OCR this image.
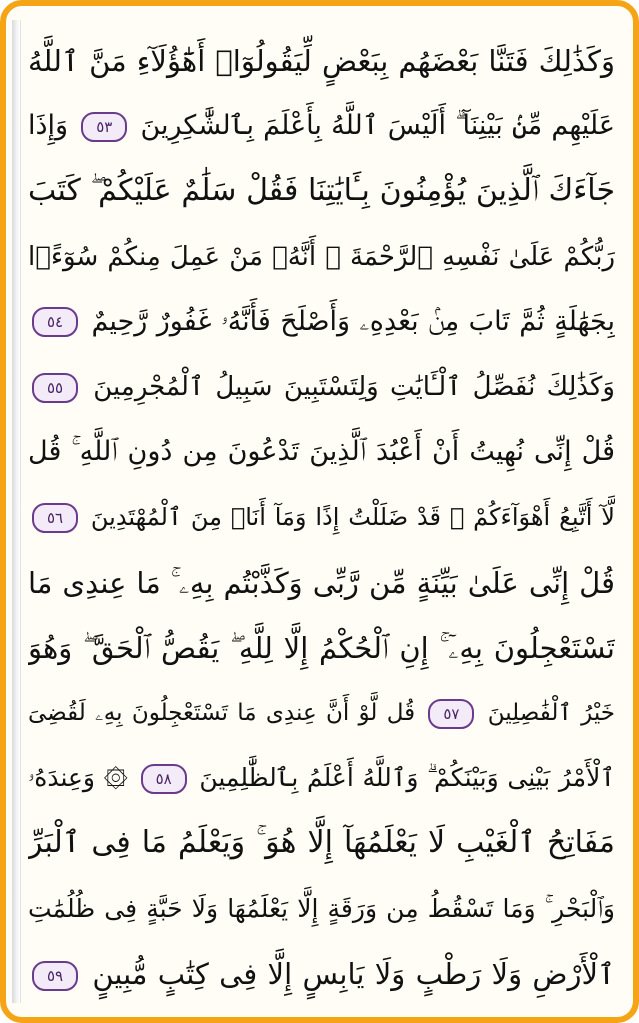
وَكَذَٰلِكَ فَتَنَّا بَعْضَهُم بِبَعْضٍ لِّيَقُولُوٓا۟ أَهَٰٓؤُلَآءِ مَنَّ ٱللَّهُ
عَلَيْهِم مِّنۢ بَيْنِنَآ ۗ أَلَيْسَ ٱللَّهُ بِأَعْلَمَ بِٱلشَّٰكِرِينَ ٥٣ وَإِذَا
جَآءَكَ ٱلَّذِينَ يُؤْمِنُونَ بِـَٔايَٰتِنَا فَقُلْ سَلَٰمٌ عَلَيْكُمْ ۖ كَتَبَ
رَبُّكُمْ عَلَىٰ نَفْسِهِ ٱلرَّحْمَةَ ۖ أَنَّهُۥ مَنْ عَمِلَ مِنكُمْ سُوٓءًۢا
بِجَهَٰلَةٍ ثُمَّ تَابَ مِنۢ بَعْدِهِۦ وَأَصْلَحَ فَأَنَّهُۥ غَفُورٌ رَّحِيمٌ ٥٤
وَكَذَٰلِكَ نُفَصِّلُ ٱلْـَٔايَٰتِ وَلِتَسْتَبِينَ سَبِيلُ ٱلْمُجْرِمِينَ ٥٥
قُلْ إِنِّى نُهِيتُ أَنْ أَعْبُدَ ٱلَّذِينَ تَدْعُونَ مِن دُونِ ٱللَّهِ ۚ قُل
لَّآ أَتَّبِعُ أَهْوَآءَكُمْ ۙ قَدْ ضَلَلْتُ إِذًا وَمَآ أَنَا۠ مِنَ ٱلْمُهْتَدِينَ ٥٦
قُلْ إِنِّى عَلَىٰ بَيِّنَةٍ مِّن رَّبِّى وَكَذَّبْتُم بِهِۦ ۚ مَا عِندِى مَا
تَسْتَعْجِلُونَ بِهِۦٓ ۚ إِنِ ٱلْحُكْمُ إِلَّا لِلَّهِ ۖ يَقُصُّ ٱلْحَقَّ ۖ وَهُوَ
خَيْرُ ٱلْفَٰصِلِينَ ٥٧ قُل لَّوْ أَنَّ عِندِى مَا تَسْتَعْجِلُونَ بِهِۦ لَقُضِىَ
ٱلْأَمْرُ بَيْنِى وَبَيْنَكُمْ ۗ وَٱللَّهُ أَعْلَمُ بِٱلظَّٰلِمِينَ ٥٨ ۞ وَعِندَهُۥ
مَفَاتِحُ ٱلْغَيْبِ لَا يَعْلَمُهَآ إِلَّا هُوَ ۚ وَيَعْلَمُ مَا فِى ٱلْبَرِّ
وَٱلْبَحْرِ ۚ وَمَا تَسْقُطُ مِن وَرَقَةٍ إِلَّا يَعْلَمُهَا وَلَا حَبَّةٍ فِى ظُلُمَٰتِ
ٱلْأَرْضِ وَلَا رَطْبٍ وَلَا يَابِسٍ إِلَّا فِى كِتَٰبٍ مُّبِينٍ ٥٩
